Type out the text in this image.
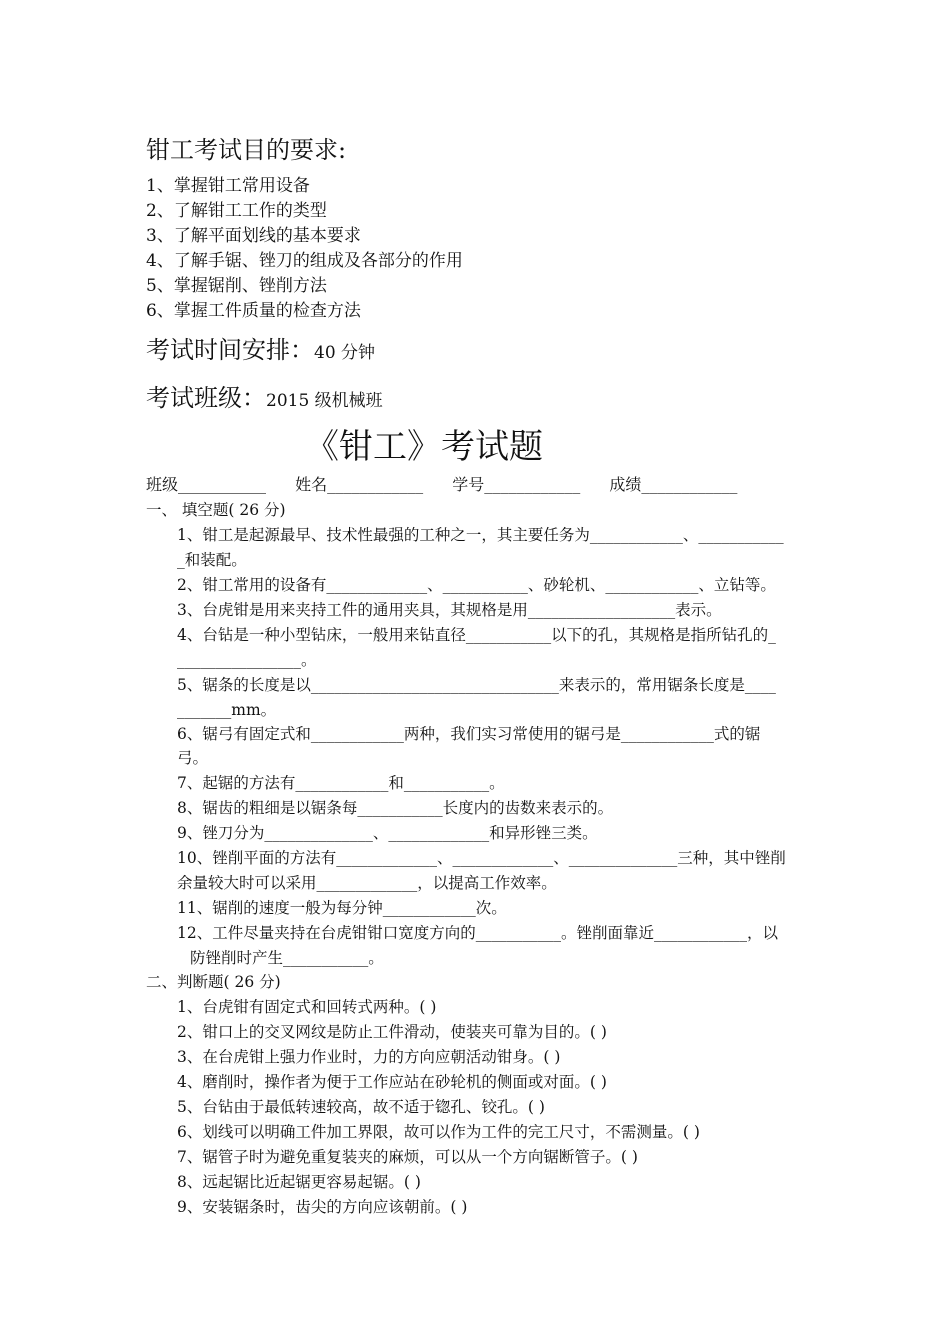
钳工考试目的要求:
1、掌握钳工常用设备
2、了解钳工工作的类型
3、了解平面划线的基本要求
4、了解手锯、锉刀的组成及各部分的作用
5、掌握锯削、锉削方法
6、掌握工件质量的检查方法
考试时间安排：40 分钟
考试班级：2015 级机械班
《钳工》考试题
班级___________ 姓名____________ 学号____________ 成绩____________
一、 填空题( 26 分)
1、钳工是起源最早、技术性最强的工种之一，其主要任务为____________、___________
_和装配。
2、钳工常用的设备有_____________、___________、砂轮机、____________、立钻等。
3、台虎钳是用来夹持工件的通用夹具，其规格是用___________________表示。
4、台钻是一种小型钻床，一般用来钻直径___________以下的孔，其规格是指所钻孔的_
________________。
5、锯条的长度是以________________________________来表示的，常用锯条长度是____
_______mm。
6、锯弓有固定式和____________两种，我们实习常使用的锯弓是____________式的锯
弓。
7、起锯的方法有____________和___________。
8、锯齿的粗细是以锯条每___________长度内的齿数来表示的。
9、锉刀分为______________、_____________和异形锉三类。
10、锉削平面的方法有_____________、_____________、______________三种，其中锉削
余量较大时可以采用_____________，以提高工作效率。
11、锯削的速度一般为每分钟____________次。
12、工件尽量夹持在台虎钳钳口宽度方向的___________。锉削面靠近____________，以
防锉削时产生___________。
二、判断题( 26 分)
1、台虎钳有固定式和回转式两种。( )
2、钳口上的交叉网纹是防止工件滑动，使装夹可靠为目的。( )
3、在台虎钳上强力作业时，力的方向应朝活动钳身。( )
4、磨削时，操作者为便于工作应站在砂轮机的侧面或对面。( )
5、台钻由于最低转速较高，故不适于锪孔、铰孔。( )
6、划线可以明确工件加工界限，故可以作为工件的完工尺寸，不需测量。( )
7、锯管子时为避免重复装夹的麻烦，可以从一个方向锯断管子。( )
8、远起锯比近起锯更容易起锯。( )
9、安装锯条时，齿尖的方向应该朝前。( )
